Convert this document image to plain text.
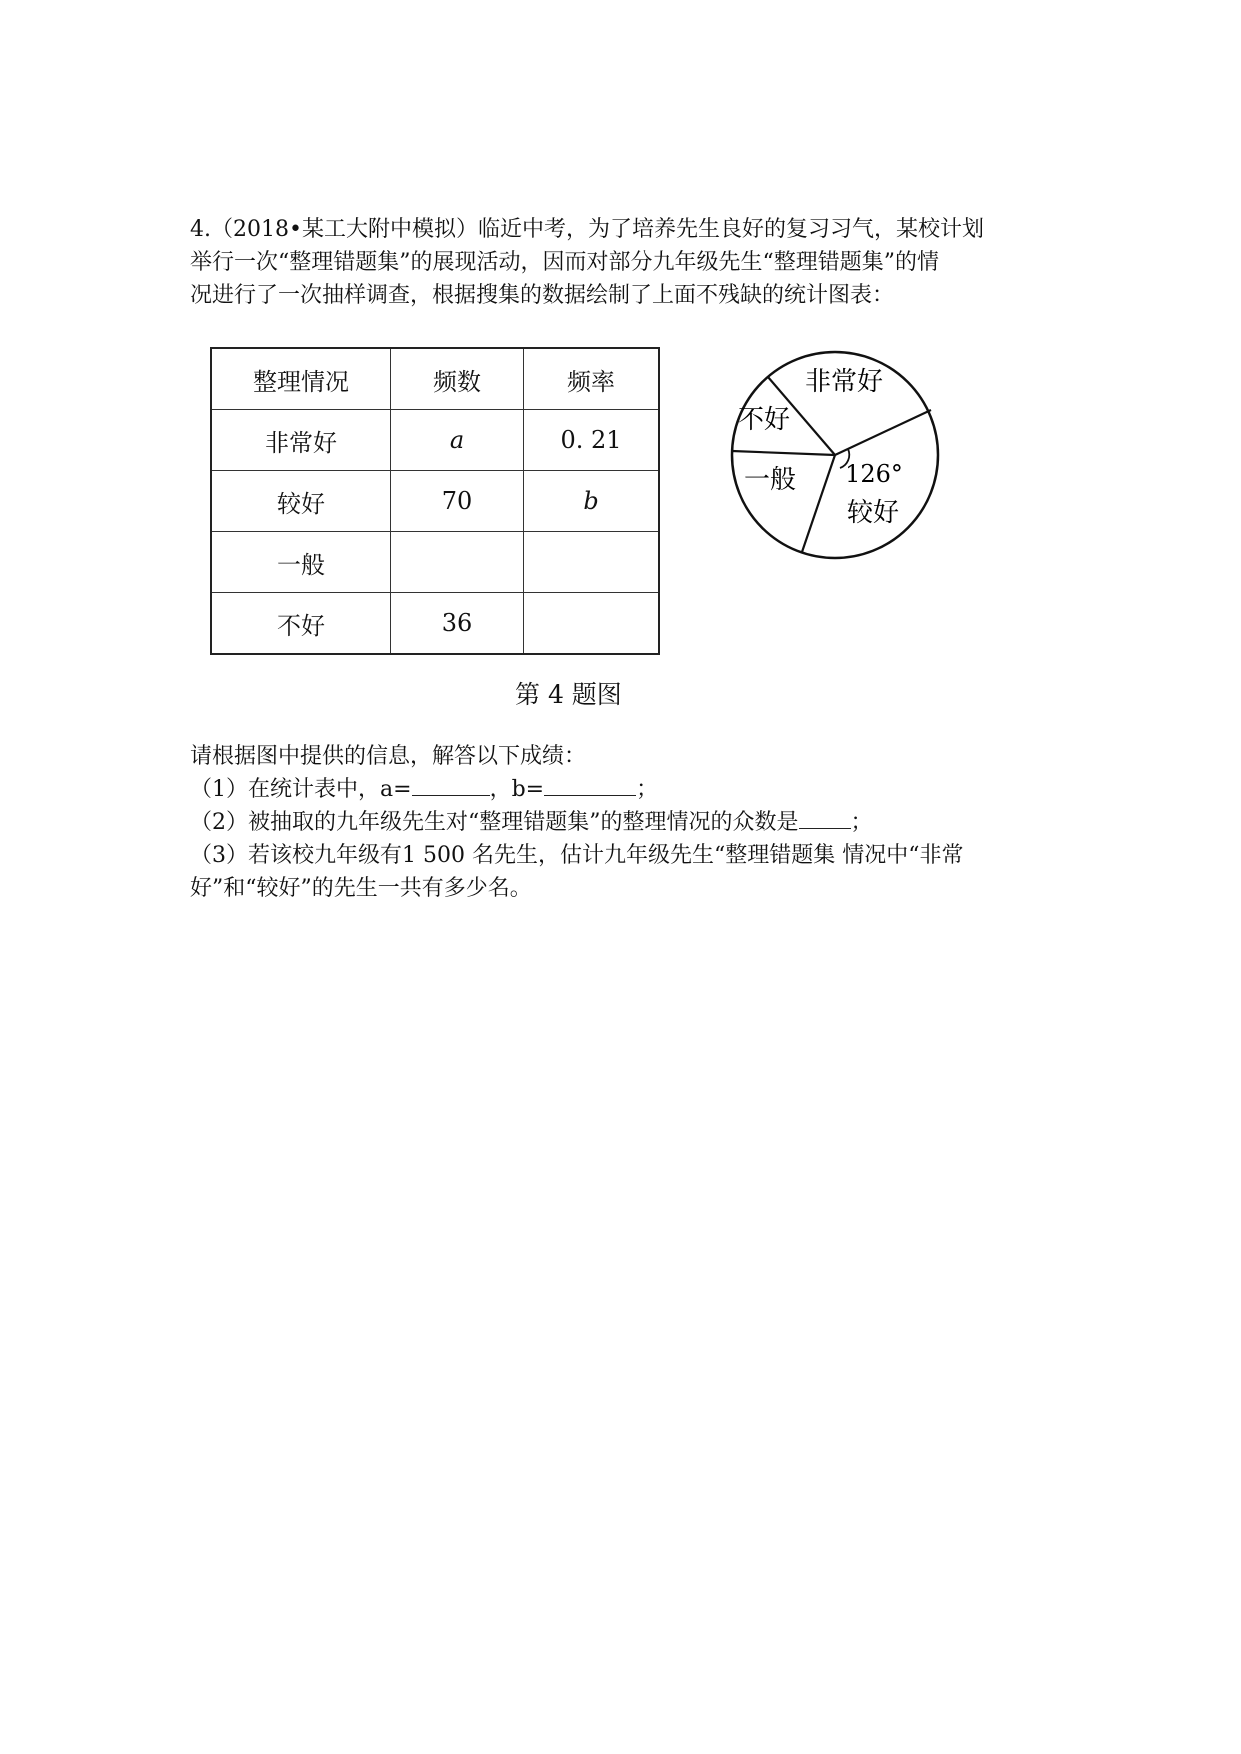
4.（2018•某工大附中模拟）临近中考，为了培养先生良好的复习习气，某校计划
举行一次“整理错题集”的展现活动，因而对部分九年级先生“整理错题集”的情
况进行了一次抽样调查，根据搜集的数据绘制了上面不残缺的统计图表：
整理情况	频数	频率
非常好	a	0. 21
较好	70	b
一般		
不好	36	
非常好
不好
一般 126°
较好
第 4 题图
请根据图中提供的信息，解答以下成绩：
（1）在统计表中，a=	，b=	；
（2）被抽取的九年级先生对“整理错题集”的整理情况的众数是 ；
（3）若该校九年级有1 500 名先生，估计九年级先生“整理错题集 情况中“非常
好”和“较好”的先生一共有多少名。
